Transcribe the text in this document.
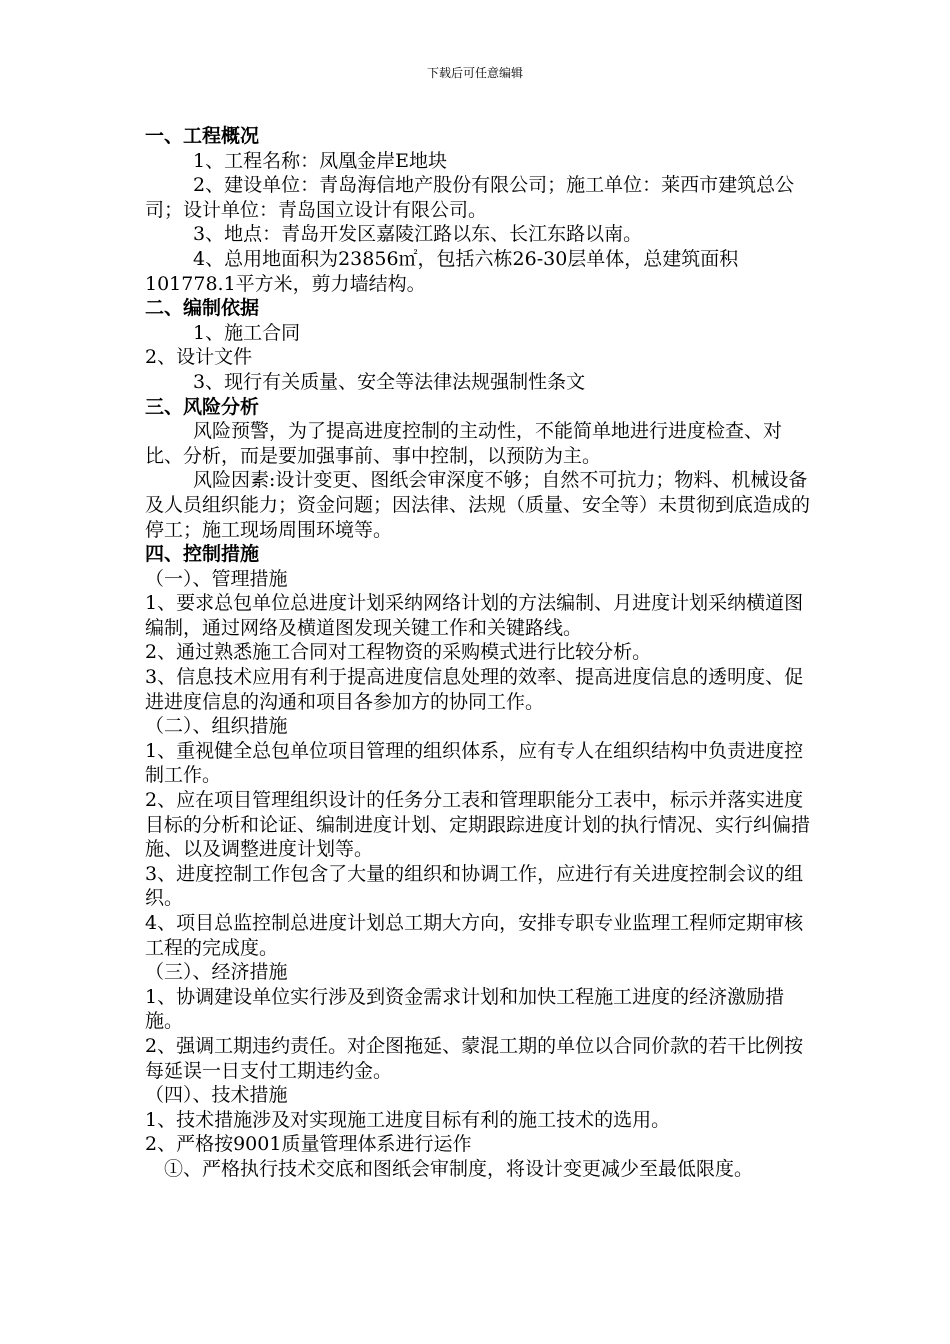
下载后可任意编辑

一、工程概况

1、工程名称：凤凰金岸E地块

2、建设单位：青岛海信地产股份有限公司；施工单位：莱西市建筑总公司；设计单位：青岛国立设计有限公司。

3、地点：青岛开发区嘉陵江路以东、长江东路以南。

4、总用地面积为23856㎡，包括六栋26-30层单体，总建筑面积101778.1平方米，剪力墙结构。

二、编制依据

1、施工合同

2、设计文件

3、现行有关质量、安全等法律法规强制性条文

三、风险分析

风险预警，为了提高进度控制的主动性，不能简单地进行进度检查、对比、分析，而是要加强事前、事中控制，以预防为主。

风险因素:设计变更、图纸会审深度不够；自然不可抗力；物料、机械设备及人员组织能力；资金问题；因法律、法规（质量、安全等）未贯彻到底造成的停工；施工现场周围环境等。

四、控制措施

（一）、管理措施

1、要求总包单位总进度计划采纳网络计划的方法编制、月进度计划采纳横道图编制，通过网络及横道图发现关键工作和关键路线。

2、通过熟悉施工合同对工程物资的采购模式进行比较分析。

3、信息技术应用有利于提高进度信息处理的效率、提高进度信息的透明度、促进进度信息的沟通和项目各参加方的协同工作。

（二）、组织措施

1、重视健全总包单位项目管理的组织体系，应有专人在组织结构中负责进度控制工作。

2、应在项目管理组织设计的任务分工表和管理职能分工表中，标示并落实进度目标的分析和论证、编制进度计划、定期跟踪进度计划的执行情况、实行纠偏措施、以及调整进度计划等。

3、进度控制工作包含了大量的组织和协调工作，应进行有关进度控制会议的组织。

4、项目总监控制总进度计划总工期大方向，安排专职专业监理工程师定期审核工程的完成度。

（三）、经济措施

1、协调建设单位实行涉及到资金需求计划和加快工程施工进度的经济激励措施。

2、强调工期违约责任。对企图拖延、蒙混工期的单位以合同价款的若干比例按每延误一日支付工期违约金。

（四）、技术措施

1、技术措施涉及对实现施工进度目标有利的施工技术的选用。

2、严格按9001质量管理体系进行运作

①、严格执行技术交底和图纸会审制度，将设计变更减少至最低限度。
